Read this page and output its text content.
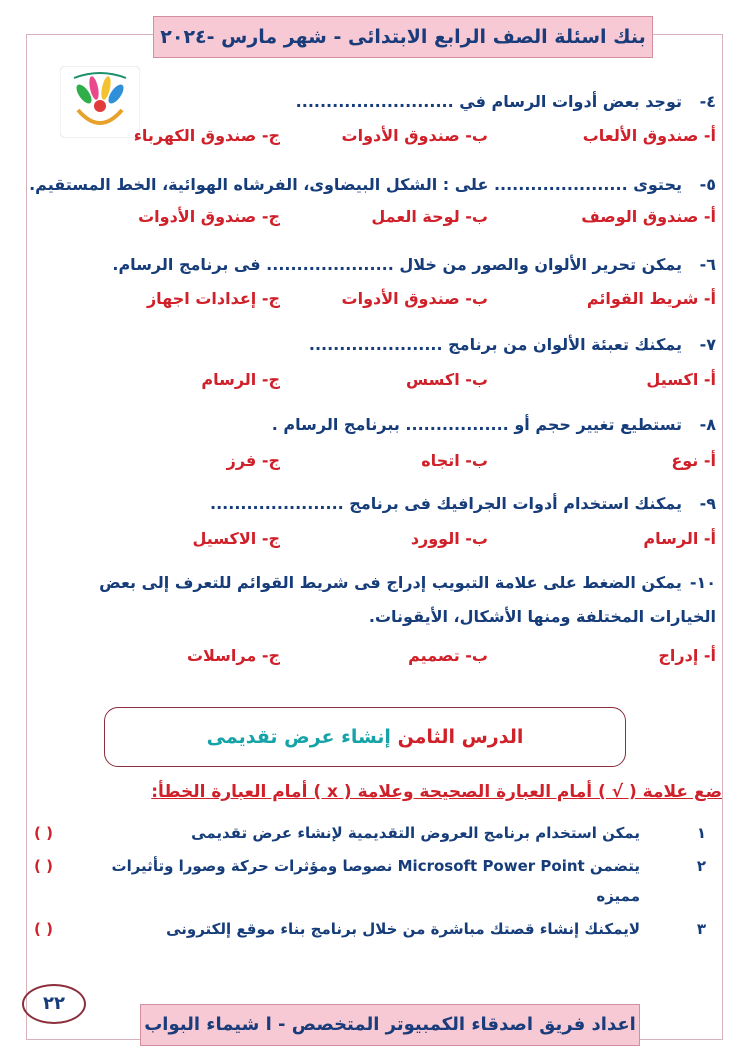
بنك اسئلة الصف الرابع الابتدائى - شهر مارس -٢٠٢٤
٤-توجد بعض أدوات الرسام في ..........................
أ- صندوق الألعاب
ب- صندوق الأدوات
ج- صندوق الكهرباء
٥-يحتوى ...................... على : الشكل البيضاوى، الفرشاه الهوائية، الخط المستقيم.
أ- صندوق الوصف
ب- لوحة العمل
ج- صندوق الأدوات
٦-يمكن تحرير الألوان والصور من خلال ..................... فى برنامج الرسام.
أ- شريط القوائم
ب- صندوق الأدوات
ج- إعدادات اجهاز
٧-يمكنك تعبئة الألوان من برنامج ......................
أ- اكسيل
ب- اكسس
ج- الرسام
٨-تستطيع تغيير حجم أو ................. ببرنامج الرسام .
أ- نوع
ب- اتجاه
ج- فرز
٩-يمكنك استخدام أدوات الجرافيك فى برنامج ......................
أ- الرسام
ب- الوورد
ج- الاكسيل
١٠-يمكن الضغط على علامة التبويب إدراج فى شريط القوائم للتعرف إلى بعض الخيارات المختلفة ومنها الأشكال، الأيقونات.
أ- إدراج
ب- تصميم
ج- مراسلات
الدرس الثامن إنشاء عرض تقديمى
ضع علامة ( √ ) أمام العبارة الصحيحة وعلامة ( x ) أمام العبارة الخطأ:
١
يمكن استخدام برنامج العروض التقديمية لإنشاء عرض تقديمى
( )
٢
يتضمن Microsoft Power Point نصوصا ومؤثرات حركة وصورا وتأثيرات
مميزه
( )
٣
لايمكنك إنشاء قصتك مباشرة من خلال برنامج بناء موقع إلكترونى
( )
٢٢
اعداد فريق اصدقاء الكمبيوتر المتخصص - ا شيماء البواب
